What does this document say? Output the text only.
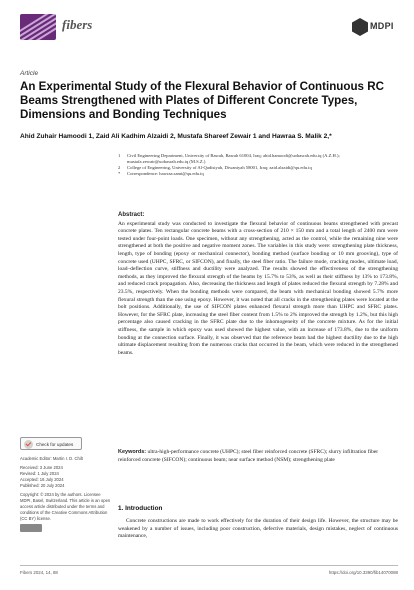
fibers	MDPI
Article
An Experimental Study of the Flexural Behavior of Continuous RC Beams Strengthened with Plates of Different Concrete Types, Dimensions and Bonding Techniques
Ahid Zuhair Hamoodi 1, Zaid Ali Kadhim Alzaidi 2, Mustafa Shareef Zewair 1 and Hawraa S. Malik 2,*
1 Civil Engineering Department, University of Basrah, Basrah 61004, Iraq; ahid.hamoodi@uobasrah.edu.iq (A.Z.H.); mustafa.zewair@uobasrah.edu.iq (M.S.Z.)
2 College of Engineering, University of Al-Qadisiyah, Diwaniyah 58001, Iraq; zaid.alzaidi@qu.edu.iq
* Correspondence: hawraa.sami@qu.edu.iq
Abstract:
An experimental study was conducted to investigate the flexural behavior of continuous beams strengthened with precast concrete plates. Ten rectangular concrete beams with a cross-section of 210 × 150 mm and a total length of 2400 mm were tested under four-point loads. One specimen, without any strengthening, acted as the control, while the remaining nine were strengthened at both the positive and negative moment zones. The variables in this study were: strengthening plate thickness, length, type of bonding (epoxy or mechanical connector), bonding method (surface bonding or 10 mm grooving), type of concrete used (UHPC, SFRC, or SIFCON), and finally, the steel fiber ratio. The failure mode, cracking modes, ultimate load, load–deflection curve, stiffness and ductility were analyzed. The results showed the effectiveness of the strengthening methods, as they improved the flexural strength of the beams by 15.7% to 53%, as well as their stiffness by 13% to 173.8%, and reduced crack propagation. Also, decreasing the thickness and length of plates reduced the flexural strength by 7.28% and 23.5%, respectively. When the bonding methods were compared, the beam with mechanical bonding showed 5.7% more flexural strength than the one using epoxy. However, it was noted that all cracks in the strengthening plates were located at the bolt positions. Additionally, the use of SIFCON plates enhanced flexural strength more than UHPC and SFRC plates. However, for the SFRC plate, increasing the steel fiber content from 1.5% to 2% improved the strength by 1.2%, but this high percentage also caused cracking in the SFRC plate due to the inhomogeneity of the concrete mixture. As for the initial stiffness, the sample in which epoxy was used showed the highest value, with an increase of 173.8%, due to the uniform bonding at the connection surface. Finally, it was observed that the reference beam had the highest ductility due to the high ultimate displacement resulting from the numerous cracks that occurred in the beam, which were reduced in the strengthened beams.
Check for updates
Academic Editor: Martin I. D. Chilt
Received: 3 June 2024
Revised: 1 July 2024
Accepted: 16 July 2024
Published: 20 July 2024
Copyright: © 2024 by the authors. Licensee MDPI, Basel, Switzerland. This article is an open access article distributed under the terms and conditions of the Creative Commons Attribution (CC BY) license.
Keywords: ultra-high-performance concrete (UHPC); steel fiber reinforced concrete (SFRC); slurry infiltration fiber reinforced concrete (SIFCON); continuous beam; near surface method (NSM); strengthening plate
1. Introduction
Concrete constructions are made to work effectively for the duration of their design life. However, the structure may be weakened by a number of issues, including poor construction, defective materials, design mistakes, neglect of continuous maintenance,
Fibers 2024, 14, 88	https://doi.org/10.3390/fib14070088
